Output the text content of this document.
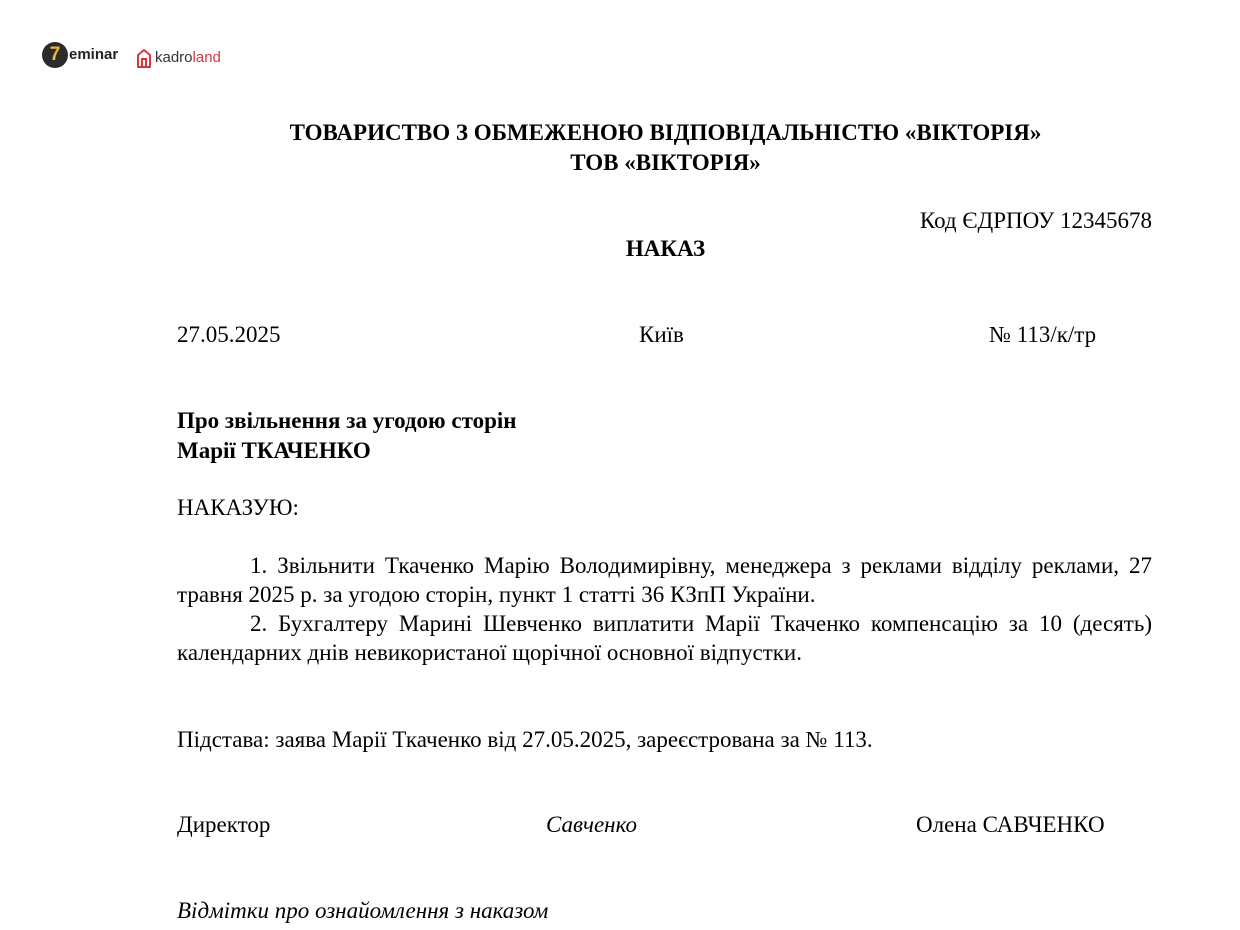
7 eminar kadro land
ТОВАРИСТВО З ОБМЕЖЕНОЮ ВІДПОВІДАЛЬНІСТЮ «ВІКТОРІЯ»
ТОВ «ВІКТОРІЯ»
Код ЄДРПОУ 12345678
НАКАЗ
27.05.2025	Київ	№ 113/к/тр
Про звільнення за угодою сторін
Марії ТКАЧЕНКО
НАКАЗУЮ:
1. Звільнити Ткаченко Марію Володимирівну, менеджера з реклами відділу реклами, 27 травня 2025 р. за угодою сторін, пункт 1 статті 36 КЗпП України.
2. Бухгалтеру Марині Шевченко виплатити Марії Ткаченко компенсацію за 10 (десять) календарних днів невикористаної щорічної основної відпустки.
Підстава: заява Марії Ткаченко від 27.05.2025, зареєстрована за № 113.
Директор	Савченко	Олена САВЧЕНКО
Відмітки про ознайомлення з наказом
